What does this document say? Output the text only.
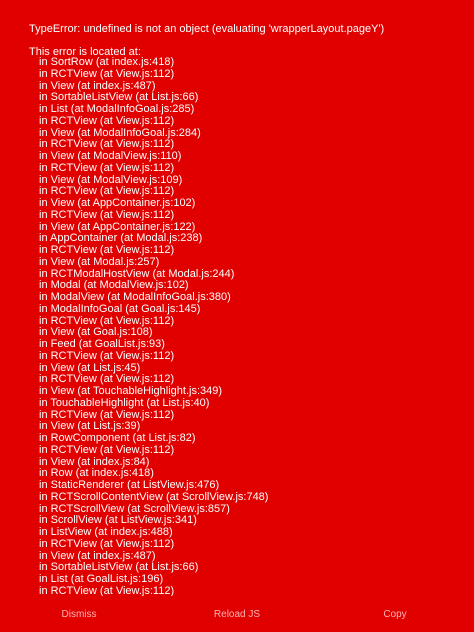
TypeError: undefined is not an object (evaluating 'wrapperLayout.pageY')
This error is located at:
in SortRow (at index.js:418)
in RCTView (at View.js:112)
in View (at index.js:487)
in SortableListView (at List.js:66)
in List (at ModalInfoGoal.js:285)
in RCTView (at View.js:112)
in View (at ModalInfoGoal.js:284)
in RCTView (at View.js:112)
in View (at ModalView.js:110)
in RCTView (at View.js:112)
in View (at ModalView.js:109)
in RCTView (at View.js:112)
in View (at AppContainer.js:102)
in RCTView (at View.js:112)
in View (at AppContainer.js:122)
in AppContainer (at Modal.js:238)
in RCTView (at View.js:112)
in View (at Modal.js:257)
in RCTModalHostView (at Modal.js:244)
in Modal (at ModalView.js:102)
in ModalView (at ModalInfoGoal.js:380)
in ModalInfoGoal (at Goal.js:145)
in RCTView (at View.js:112)
in View (at Goal.js:108)
in Feed (at GoalList.js:93)
in RCTView (at View.js:112)
in View (at List.js:45)
in RCTView (at View.js:112)
in View (at TouchableHighlight.js:349)
in TouchableHighlight (at List.js:40)
in RCTView (at View.js:112)
in View (at List.js:39)
in RowComponent (at List.js:82)
in RCTView (at View.js:112)
in View (at index.js:84)
in Row (at index.js:418)
in StaticRenderer (at ListView.js:476)
in RCTScrollContentView (at ScrollView.js:748)
in RCTScrollView (at ScrollView.js:857)
in ScrollView (at ListView.js:341)
in ListView (at index.js:488)
in RCTView (at View.js:112)
in View (at index.js:487)
in SortableListView (at List.js:66)
in List (at GoalList.js:196)
in RCTView (at View.js:112)
Dismiss	Reload JS	Copy
